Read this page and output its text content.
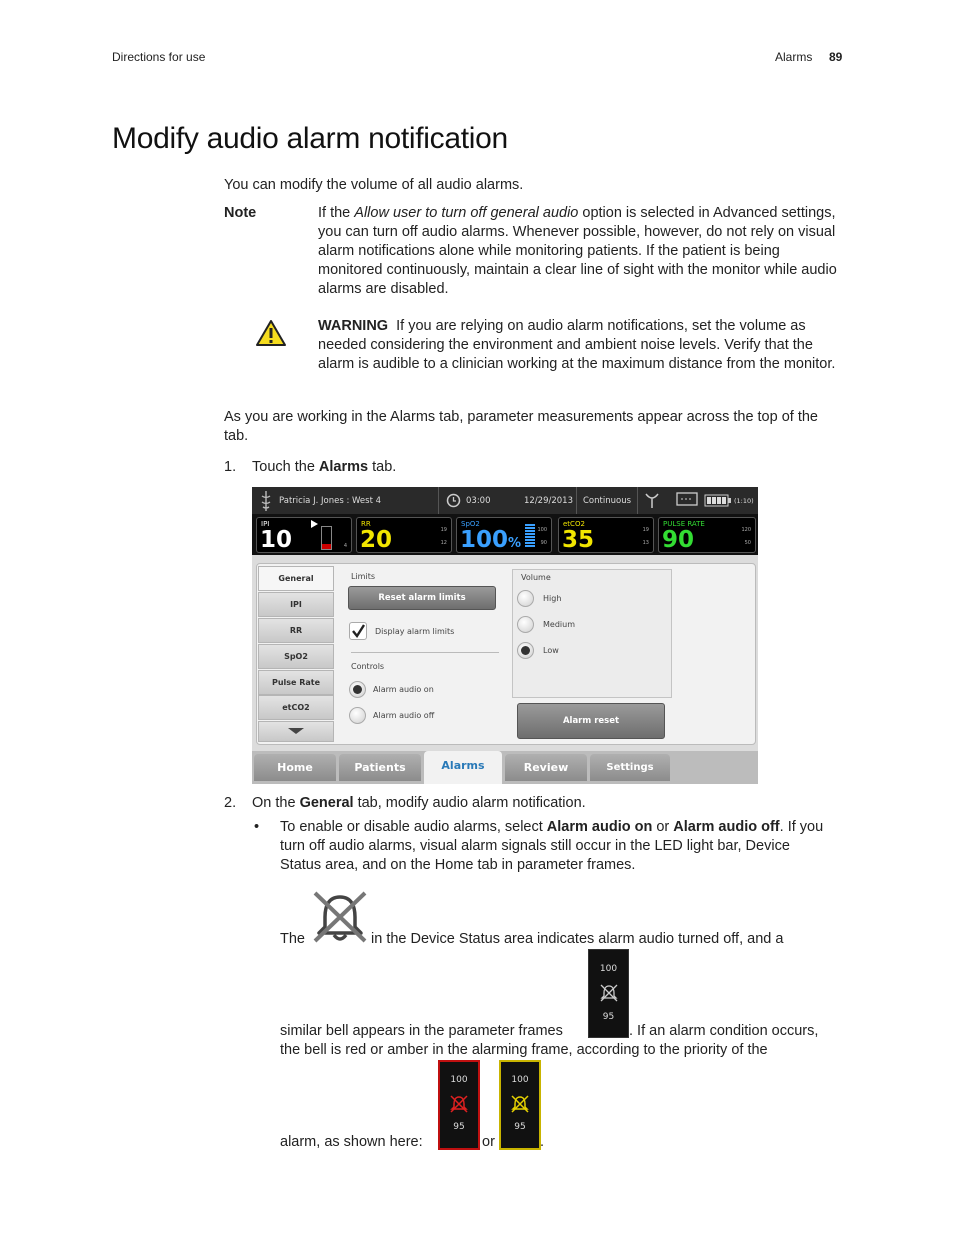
Directions for use	Alarms 89
Modify audio alarm notification
You can modify the volume of all audio alarms.
Note	If the Allow user to turn off general audio option is selected in Advanced settings, you can turn off audio alarms. Whenever possible, however, do not rely on visual alarm notifications alone while monitoring patients. If the patient is being monitored continuously, maintain a clear line of sight with the monitor while audio alarms are disabled.
WARNING If you are relying on audio alarm notifications, set the volume as needed considering the environment and ambient noise levels. Verify that the alarm is audible to a clinician working at the maximum distance from the monitor.
As you are working in the Alarms tab, parameter measurements appear across the top of the tab.
1. Touch the Alarms tab.
Patricia J. Jones : West 4	03:00	12/29/2013 Continuous	(1:10)
IPI
10	4
RR
20	19
12
SpO2
100%
100
90
etCO2
35	19
13
PULSE RATE
90	120
50
General
IPI
RR
SpO2
Pulse Rate
etCO2
Limits
Reset alarm limits
Display alarm limits
Controls
Alarm audio on
Alarm audio off
Volume
High
Medium
Low
Alarm reset
Home	Patients	Alarms	Review	Settings
2. On the General tab, modify audio alarm notification.
• To enable or disable audio alarms, select Alarm audio on or Alarm audio off. If you turn off audio alarms, visual alarm signals still occur in the LED light bar, Device Status area, and on the Home tab in parameter frames.
The	in the Device Status area indicates alarm audio turned off, and a
similar bell appears in the parameter frames
100
95
. If an alarm condition occurs,
the bell is red or amber in the alarming frame, according to the priority of the
alarm, as shown here:
100
95
or
100
95
.
